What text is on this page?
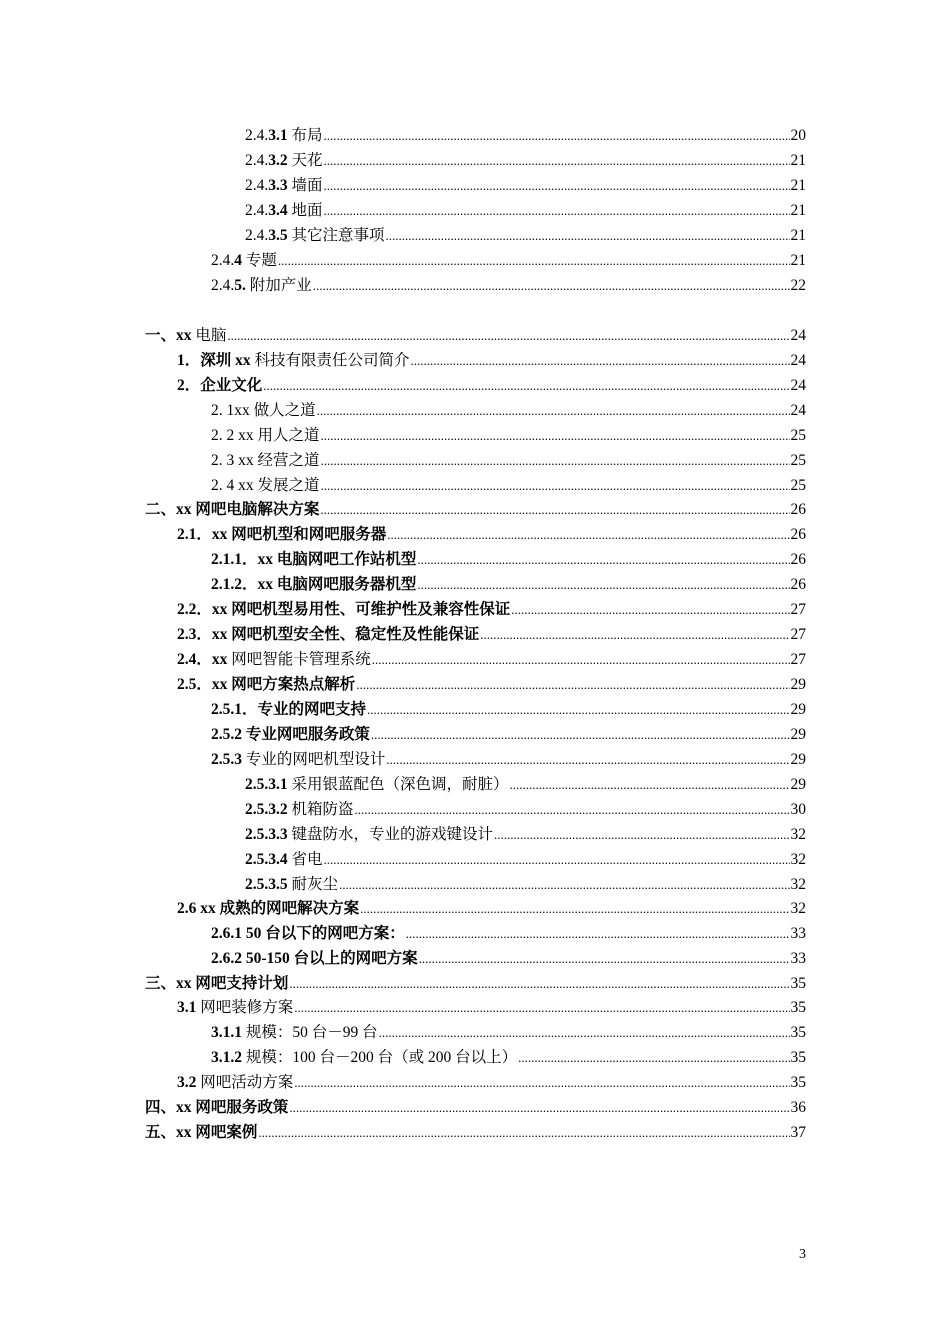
2.4.3.1 布局 .....	20
2.4.3.2 天花 .....	21
2.4.3.3 墙面 .....	21
2.4.3.4 地面 .....	21
2.4.3.5 其它注意事项 .....	21
2.4.4 专题 .....	21
2.4.5. 附加产业 .....	22
一、xx 电脑 .....	24
1．深圳 xx 科技有限责任公司简介 .....	24
2．企业文化 .....	24
2. 1xx 做人之道 .....	24
2. 2 xx 用人之道 .....	25
2. 3 xx 经营之道 .....	25
2. 4 xx 发展之道 .....	25
二、xx 网吧电脑解决方案 .....	26
2.1．xx 网吧机型和网吧服务器 .....	26
2.1.1．xx 电脑网吧工作站机型 .....	26
2.1.2．xx 电脑网吧服务器机型 .....	26
2.2．xx 网吧机型易用性、可维护性及兼容性保证 .....	27
2.3．xx 网吧机型安全性、稳定性及性能保证 .....	27
2.4．xx 网吧智能卡管理系统 .....	27
2.5．xx 网吧方案热点解析 .....	29
2.5.1．专业的网吧支持 .....	29
2.5.2 专业网吧服务政策 .....	29
2.5.3 专业的网吧机型设计 .....	29
2.5.3.1 采用银蓝配色（深色调，耐脏） .....	29
2.5.3.2 机箱防盗 .....	30
2.5.3.3 键盘防水，专业的游戏键设计 .....	32
2.5.3.4 省电 .....	32
2.5.3.5 耐灰尘 .....	32
2.6 xx 成熟的网吧解决方案 .....	32
2.6.1 50 台以下的网吧方案： .....	33
2.6.2 50-150 台以上的网吧方案 .....	33
三、xx 网吧支持计划 .....	35
3.1 网吧装修方案 .....	35
3.1.1 规模：50 台－99 台 .....	35
3.1.2 规模：100 台－200 台（或 200 台以上） .....	35
3.2 网吧活动方案 .....	35
四、xx 网吧服务政策 .....	36
五、xx 网吧案例 .....	37
3
